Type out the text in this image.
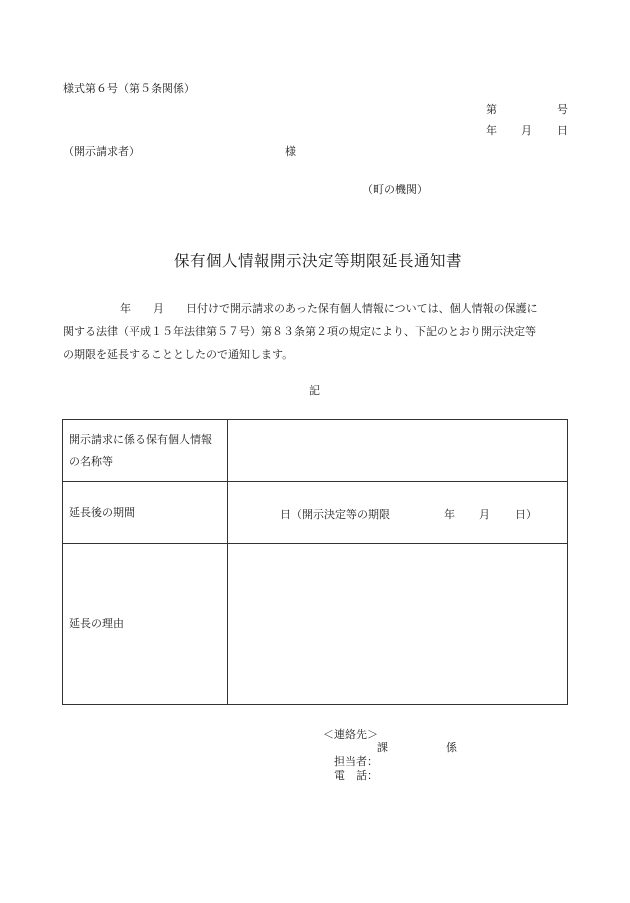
様式第６号（第５条関係）
第	号
年 月 日
（開示請求者）	様
（町の機関）
保有個人情報開示決定等期限延長通知書
年　　月　　日付けで開示請求のあった保有個人情報については、個人情報の保護に
関する法律（平成１５年法律第５７号）第８３条第２項の規定により、下記のとおり開示決定等
の期限を延長することとしたので通知します。
記
開示請求に係る保有個人情報
の名称等	

延長後の期間	日（開示決定等の期限 年 月 日）

延長の理由	
＜連絡先＞
課	係
担当者：
電　話：
